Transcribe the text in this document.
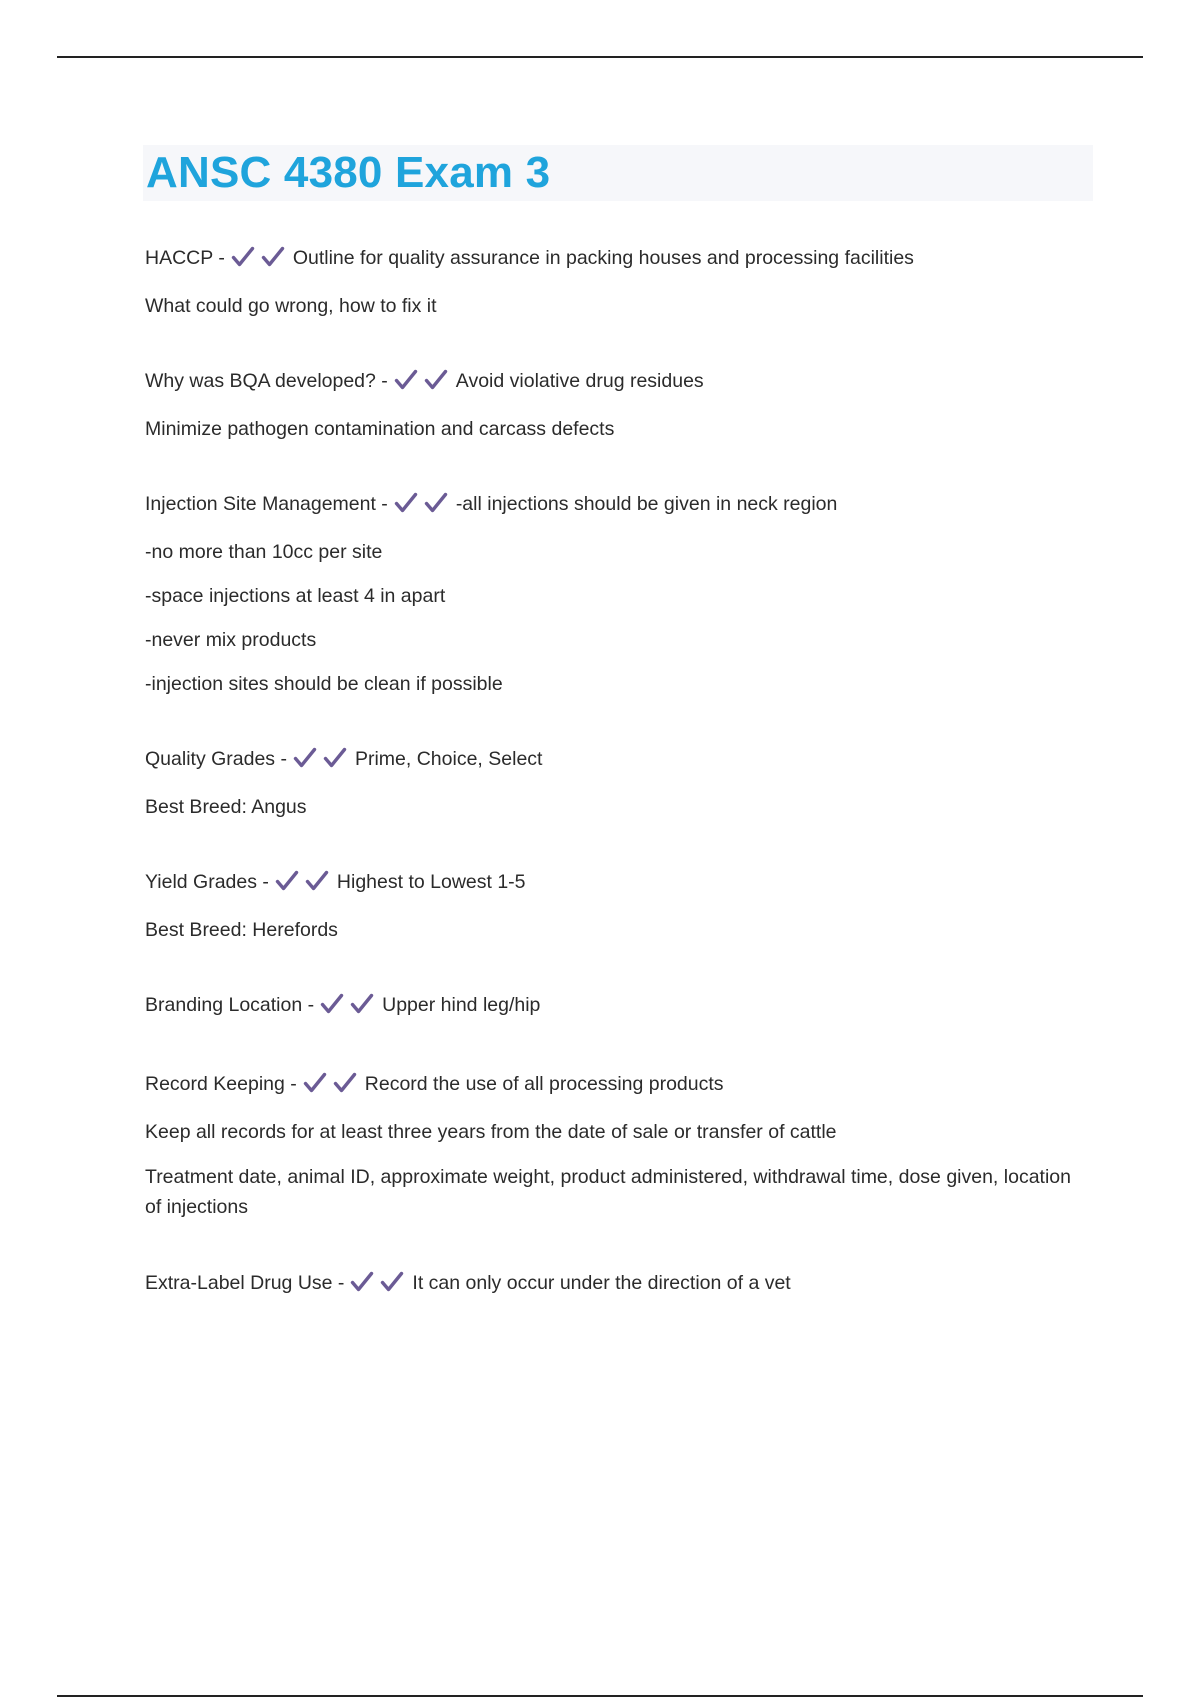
ANSC 4380 Exam 3

HACCP -	Outline for quality assurance in packing houses and processing facilities

What could go wrong, how to fix it

Why was BQA developed? -	Avoid violative drug residues

Minimize pathogen contamination and carcass defects

Injection Site Management -	-all injections should be given in neck region

-no more than 10cc per site

-space injections at least 4 in apart

-never mix products

-injection sites should be clean if possible

Quality Grades -	Prime, Choice, Select

Best Breed: Angus

Yield Grades -	Highest to Lowest 1-5

Best Breed: Herefords

Branding Location -	Upper hind leg/hip

Record Keeping -	Record the use of all processing products

Keep all records for at least three years from the date of sale or transfer of cattle

Treatment date, animal ID, approximate weight, product administered, withdrawal time, dose given, location of injections

Extra-Label Drug Use -	It can only occur under the direction of a vet
